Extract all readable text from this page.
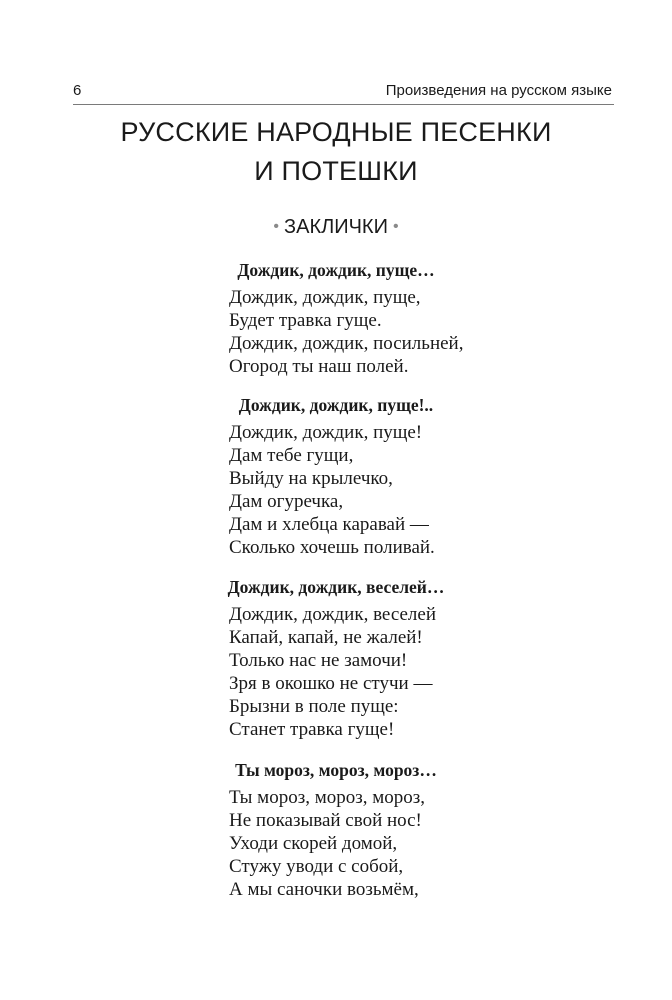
6	Произведения на русском языке
РУССКИЕ НАРОДНЫЕ ПЕСЕНКИ
И ПОТЕШКИ
• ЗАКЛИЧКИ •
Дождик, дождик, пуще…
Дождик, дождик, пуще,
Будет травка гуще.
Дождик, дождик, посильней,
Огород ты наш полей.
Дождик, дождик, пуще!..
Дождик, дождик, пуще!
Дам тебе гущи,
Выйду на крылечко,
Дам огуречка,
Дам и хлебца каравай —
Сколько хочешь поливай.
Дождик, дождик, веселей…
Дождик, дождик, веселей
Капай, капай, не жалей!
Только нас не замочи!
Зря в окошко не стучи —
Брызни в поле пуще:
Станет травка гуще!
Ты мороз, мороз, мороз…
Ты мороз, мороз, мороз,
Не показывай свой нос!
Уходи скорей домой,
Стужу уводи с собой,
А мы саночки возьмём,
